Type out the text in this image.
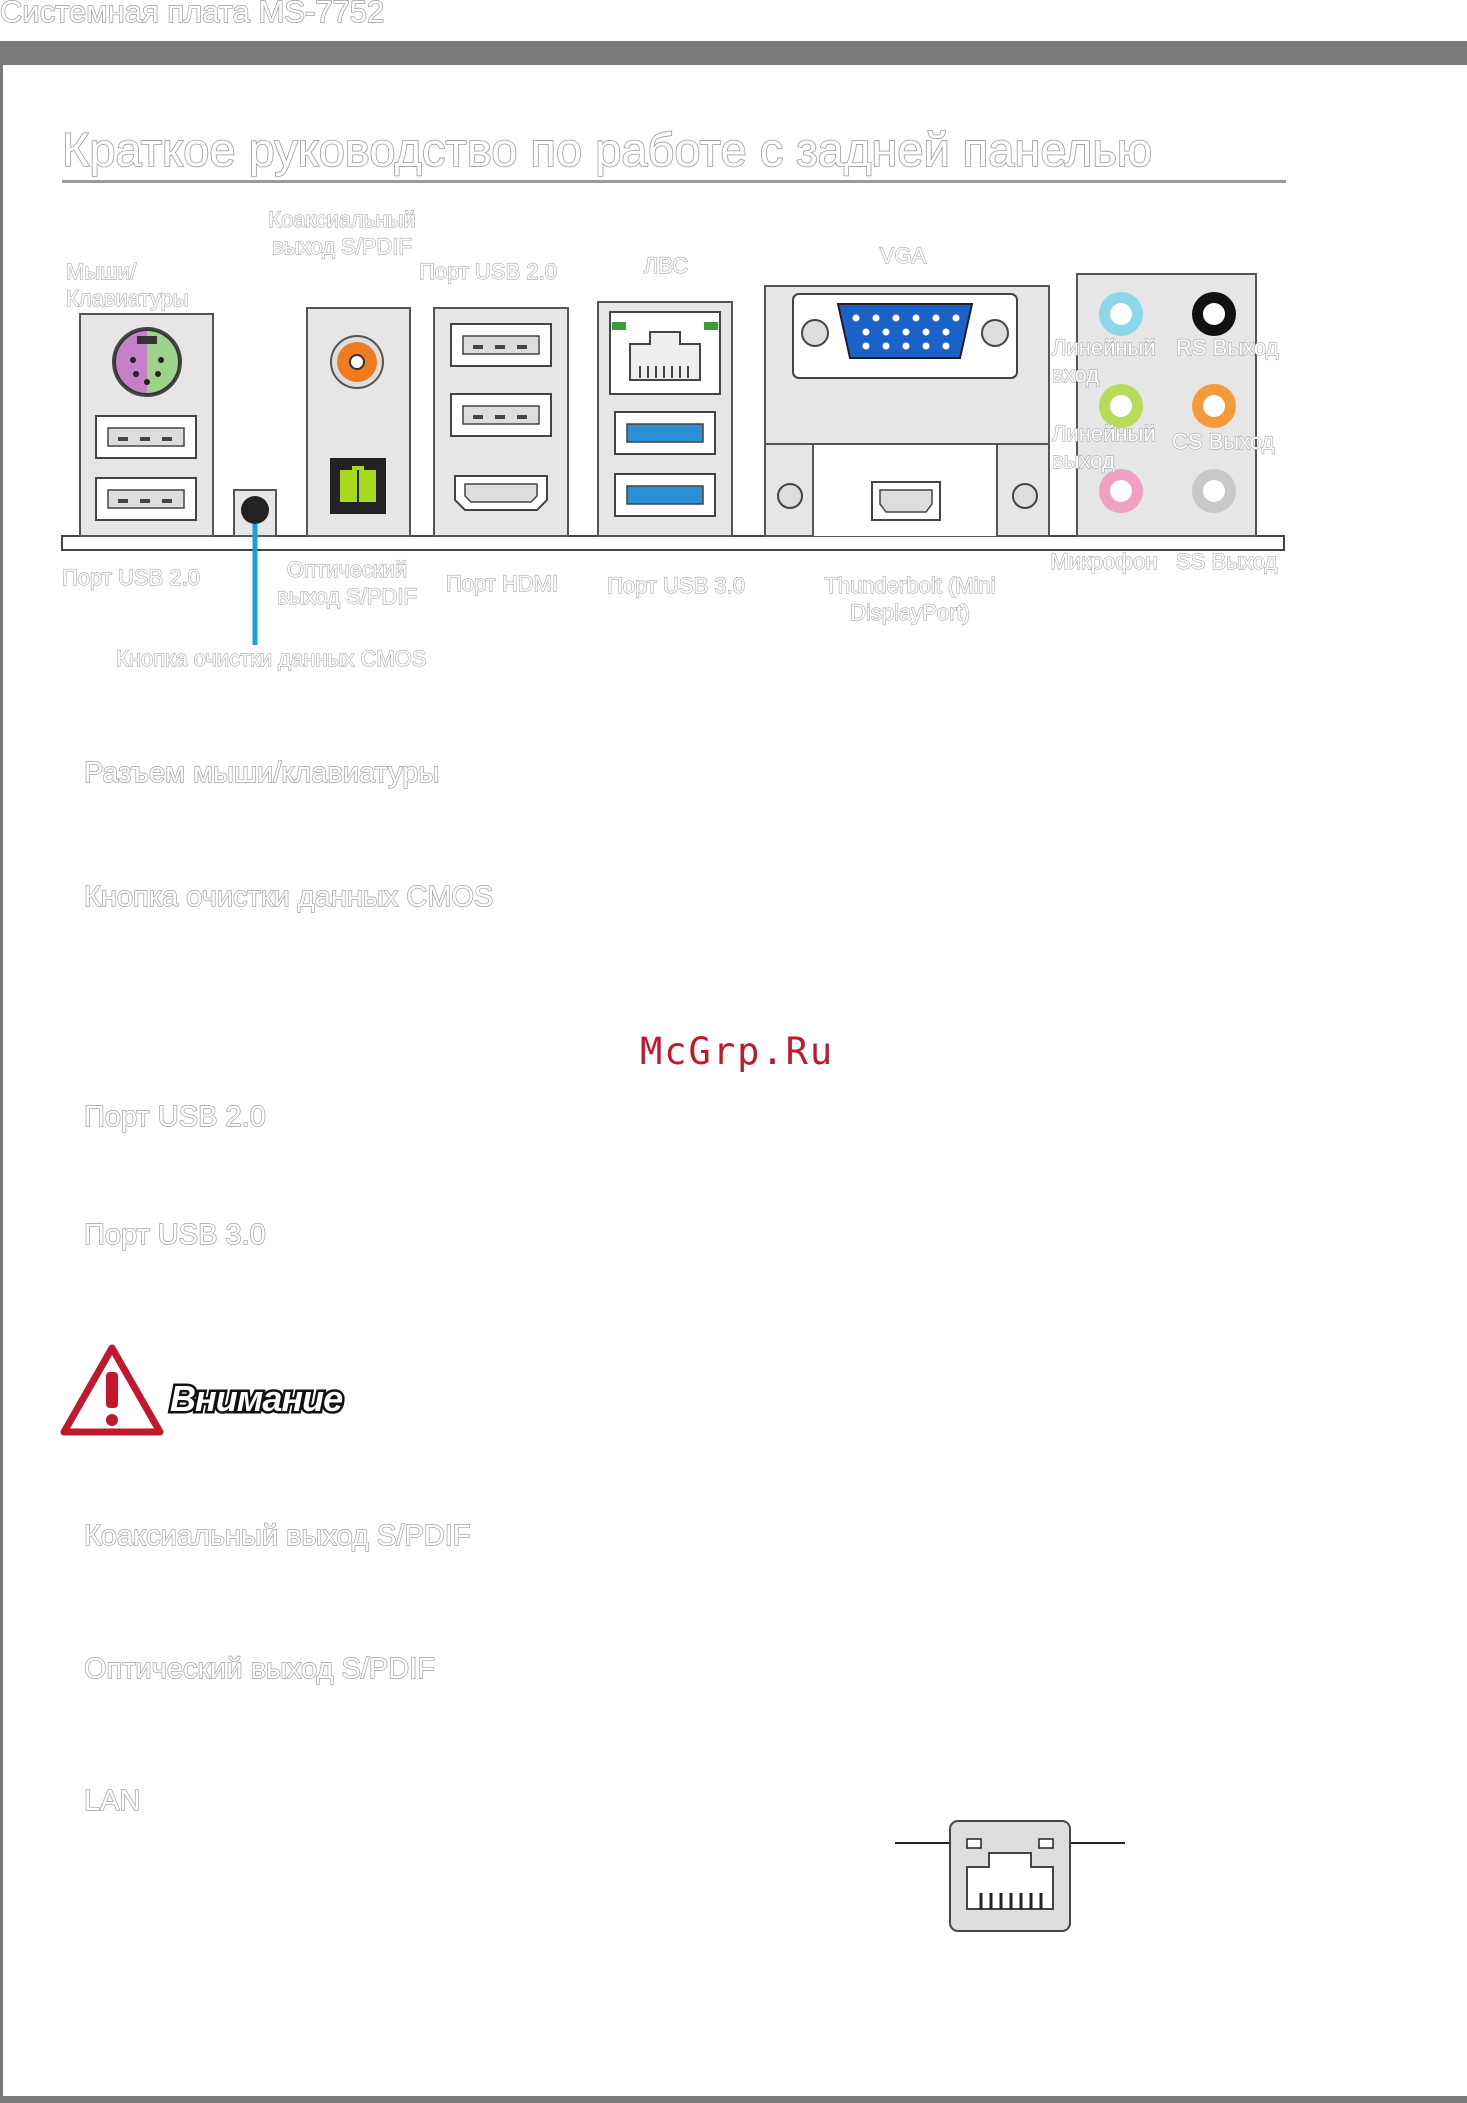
Системная плата MS-7752
Краткое руководство по работе с задней панелью
Мыши/ Клавиатуры
Коаксиальный выход S/PDIF
Порт USB 2.0	ЛВС	VGA
Линейный вход
RS Выход
Линейный выход
CS Выход
Микрофон SS Выход
Порт USB 2.0	Оптический выход S/PDIF
Порт HDMI	Порт USB 3.0	Thunderbolt (Mini DisplayPort)
Кнопка очистки данных CMOS
Разъем мыши/клавиатуры
Кнопка очистки данных CMOS
Порт USB 2.0
Порт USB 3.0
Коаксиальный выход S/PDIF
Оптический выход S/PDIF
LAN
McGrp.Ru
Внимание
